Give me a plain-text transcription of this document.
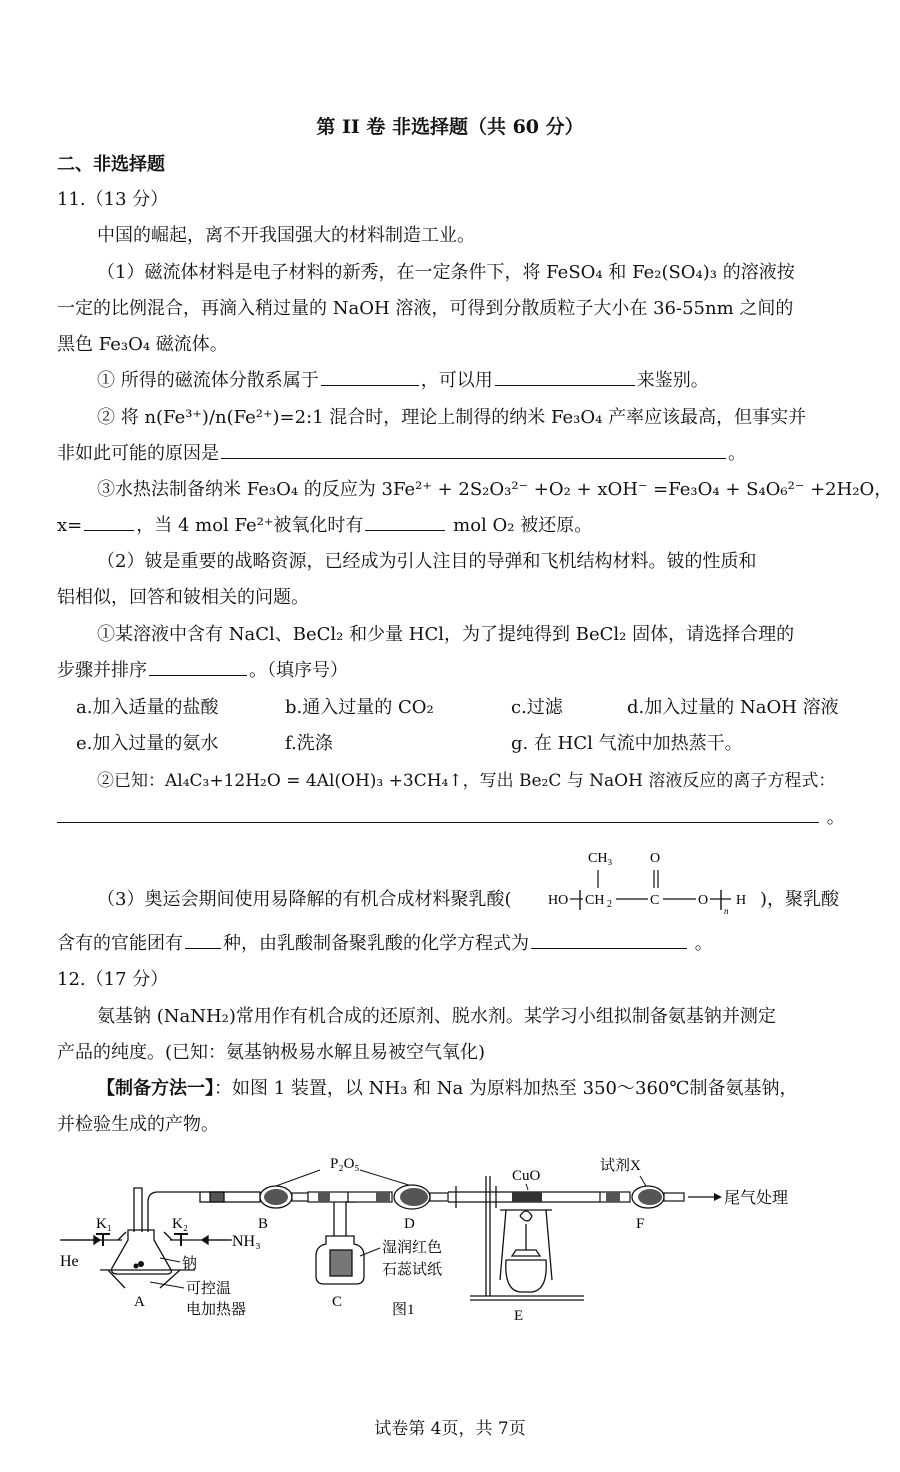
第 II 卷 非选择题（共 60 分）
二、非选择题
11.（13 分）
中国的崛起，离不开我国强大的材料制造工业。
（1）磁流体材料是电子材料的新秀，在一定条件下，将 FeSO₄ 和 Fe₂(SO₄)₃ 的溶液按
一定的比例混合，再滴入稍过量的 NaOH 溶液，可得到分散质粒子大小在 36-55nm 之间的
黑色 Fe₃O₄ 磁流体。
① 所得的磁流体分散系属于	，可以用	来鉴别。
② 将 n(Fe³⁺)/n(Fe²⁺)=2:1 混合时，理论上制得的纳米 Fe₃O₄ 产率应该最高，但事实并
非如此可能的原因是	。
③水热法制备纳米 Fe₃O₄ 的反应为 3Fe²⁺ + 2S₂O₃²⁻ +O₂ + xOH⁻ =Fe₃O₄ + S₄O₆²⁻ +2H₂O，
x=	，当 4 mol Fe²⁺被氧化时有	mol O₂ 被还原。
（2）铍是重要的战略资源，已经成为引人注目的导弹和飞机结构材料。铍的性质和
铝相似，回答和铍相关的问题。
①某溶液中含有 NaCl、BeCl₂ 和少量 HCl，为了提纯得到 BeCl₂ 固体，请选择合理的
步骤并排序	。（填序号）
a.加入适量的盐酸	b.通入过量的 CO₂	c.过滤	d.加入过量的 NaOH 溶液
e.加入过量的氨水	f.洗涤	g. 在 HCl 气流中加热蒸干。
②已知：Al₄C₃+12H₂O = 4Al(OH)₃ +3CH₄↑，写出 Be₂C 与 NaOH 溶液反应的离子方程式：
。
（3）奥运会期间使用易降解的有机合成材料聚乳酸(	HO CH 2
CH₃
C
O
O
n
H )，聚乳酸
含有的官能团有 种，由乳酸制备聚乳酸的化学方程式为	。
12.（17 分）
氨基钠 (NaNH₂)常用作有机合成的还原剂、脱水剂。某学习小组拟制备氨基钠并测定
产品的纯度。(已知：氨基钠极易水解且易被空气氧化)
【制备方法一】：如图 1 装置，以 NH₃ 和 Na 为原料加热至 350～360℃制备氨基钠，
并检验生成的产物。
He
K₁	K₂
NH₃
钠
可控温
电加热器
A
B
P₂O₅
C
湿润红色
石蕊试纸
D
CuO
E
F
试剂X
尾气处理
图1
试卷第 4页，共 7页
